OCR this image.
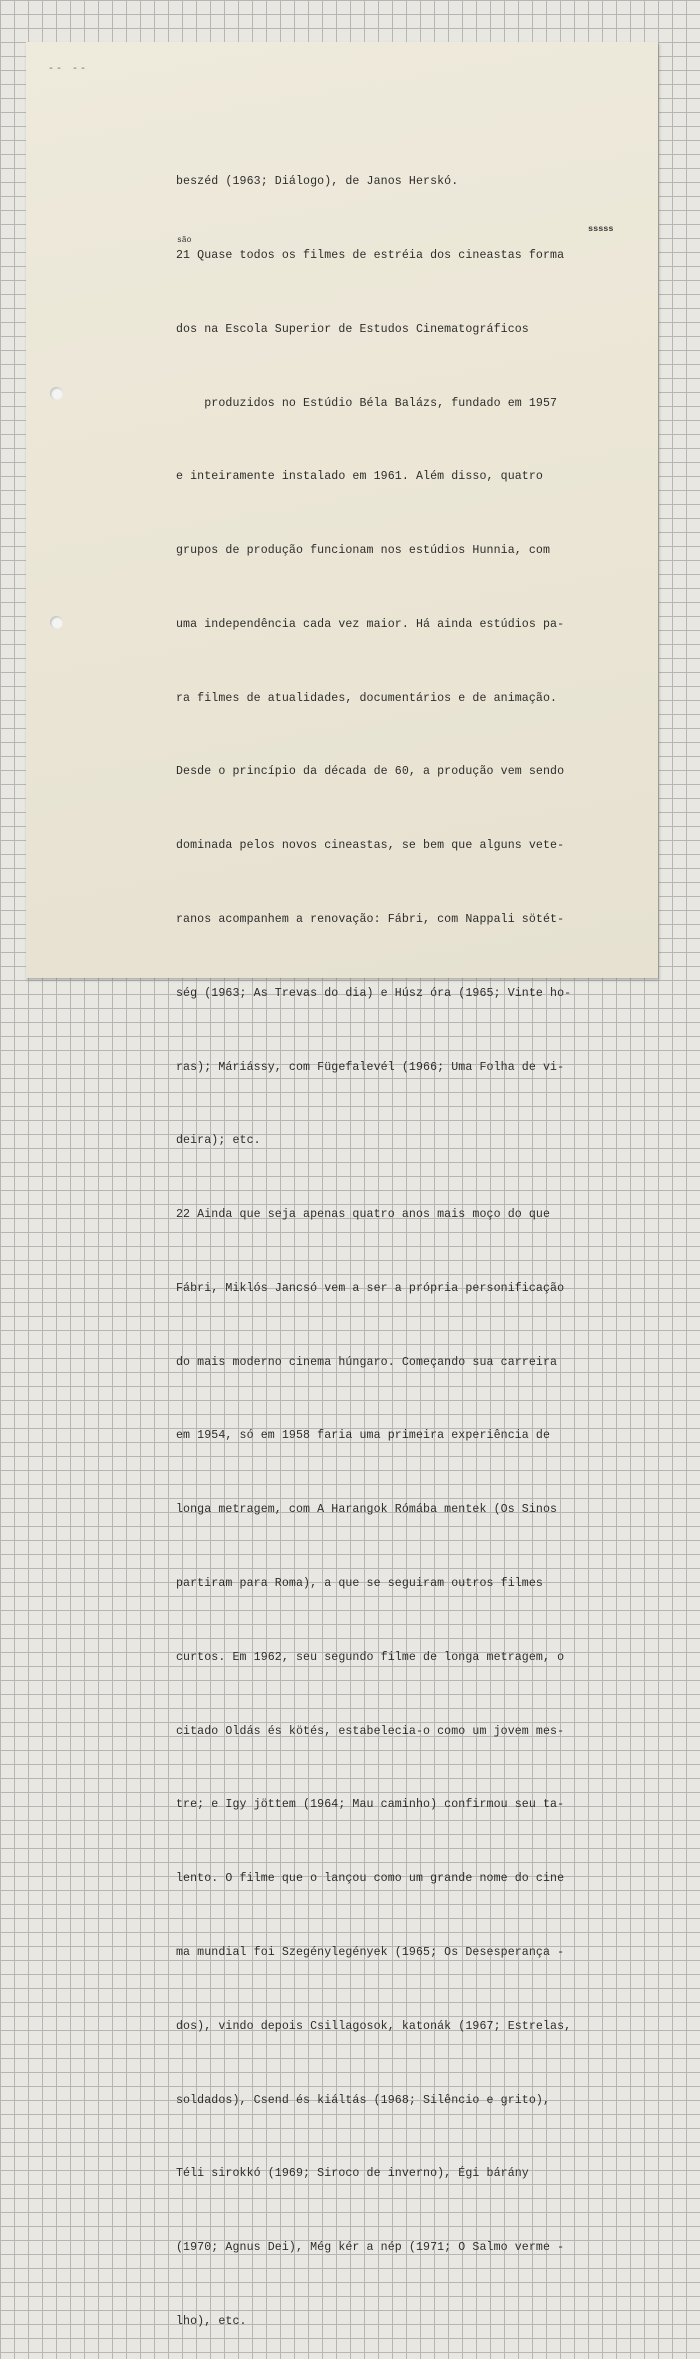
-- --

beszéd (1963; Diálogo), de Janos Herskó.

21 Quase todos os filmes de estréia dos cineastas forma

dos na Escola Superior de Estudos Cinematográficos

produzidos no Estúdio Béla Balázs, fundado em 1957

e inteiramente instalado em 1961. Além disso, quatro

grupos de produção funcionam nos estúdios Hunnia, com

uma independência cada vez maior. Há ainda estúdios pa-

ra filmes de atualidades, documentários e de animação.

Desde o princípio da década de 60, a produção vem sendo

dominada pelos novos cineastas, se bem que alguns vete-

ranos acompanhem a renovação: Fábri, com Nappali sötét-

ség (1963; As Trevas do dia) e Húsz óra (1965; Vinte ho-

ras); Máriássy, com Fügefalevél (1966; Uma Folha de vi-

deira); etc.

22 Ainda que seja apenas quatro anos mais moço do que

Fábri, Miklós Jancsó vem a ser a própria personificação

do mais moderno cinema húngaro. Começando sua carreira

em 1954, só em 1958 faria uma primeira experiência de

longa metragem, com A Harangok Rómába mentek (Os Sinos

partiram para Roma), a que se seguiram outros filmes

curtos. Em 1962, seu segundo filme de longa metragem, o

citado Oldás és kötés, estabelecia-o como um jovem mes-

tre; e Igy jöttem (1964; Mau caminho) confirmou seu ta-

lento. O filme que o lançou como um grande nome do cine

ma mundial foi Szegénylegények (1965; Os Desesperança -

dos), vindo depois Csillagosok, katonák (1967; Estrelas,

soldados), Csend és kiáltás (1968; Silêncio e grito),

Téli sirokkó (1969; Siroco de inverno), Égi bárány

(1970; Agnus Dei), Még kér a nép (1971; O Salmo verme -

lho), etc.

são
sssss
